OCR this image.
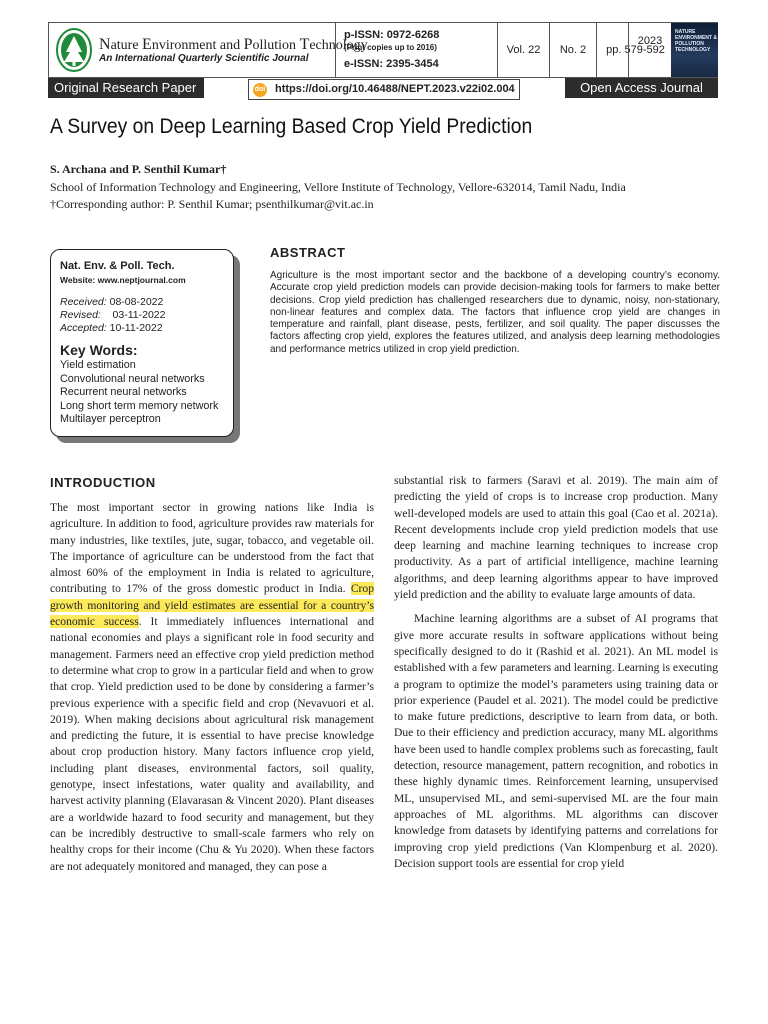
Nature Environment and Pollution Technology
An International Quarterly Scientific Journal
p-ISSN: 0972-6268
(Print copies up to 2016)
e-ISSN: 2395-3454
Vol. 22	No. 2	pp. 579-592
2023
NATURE ENVIRONMENT & POLLUTION TECHNOLOGY
Original Research Paper	doi https://doi.org/10.46488/NEPT.2023.v22i02.004	Open Access Journal
A Survey on Deep Learning Based Crop Yield Prediction
S. Archana and P. Senthil Kumar†
School of Information Technology and Engineering, Vellore Institute of Technology, Vellore-632014, Tamil Nadu, India
†Corresponding author: P. Senthil Kumar; psenthilkumar@vit.ac.in
Nat. Env. & Poll. Tech.
Website: www.neptjournal.com
Received: 08-08-2022
Revised: 03-11-2022
Accepted: 10-11-2022
Key Words:
Yield estimation
Convolutional neural networks
Recurrent neural networks
Long short term memory network
Multilayer perceptron
ABSTRACT
Agriculture is the most important sector and the backbone of a developing country’s economy. Accurate crop yield prediction models can provide decision-making tools for farmers to make better decisions. Crop yield prediction has challenged researchers due to dynamic, noisy, non-stationary, non-linear features and complex data. The factors that influence crop yield are changes in temperature and rainfall, plant disease, pests, fertilizer, and soil quality. The paper discusses the factors affecting crop yield, explores the features utilized, and analysis deep learning methodologies and performance metrics utilized in crop yield prediction.
INTRODUCTION

The most important sector in growing nations like India is agriculture. In addition to food, agriculture provides raw materials for many industries, like textiles, jute, sugar, tobacco, and vegetable oil. The importance of agriculture can be understood from the fact that almost 60% of the employment in India is related to agriculture, contributing to 17% of the gross domestic product in India. Crop growth monitoring and yield estimates are essential for a country’s economic success. It immediately influences international and national economies and plays a significant role in food security and management. Farmers need an effective crop yield prediction method to determine what crop to grow in a particular field and when to grow that crop. Yield prediction used to be done by considering a farmer’s previous experience with a specific field and crop (Nevavuori et al. 2019). When making decisions about agricultural risk management and predicting the future, it is essential to have precise knowledge about crop production history. Many factors influence crop yield, including plant diseases, environmental factors, soil quality, genotype, insect infestations, water quality and availability, and harvest activity planning (Elavarasan & Vincent 2020). Plant diseases are a worldwide hazard to food security and management, but they can be incredibly destructive to small-scale farmers who rely on healthy crops for their income (Chu & Yu 2020). When these factors are not adequately monitored and managed, they can pose a

substantial risk to farmers (Saravi et al. 2019). The main aim of predicting the yield of crops is to increase crop production. Many well-developed models are used to attain this goal (Cao et al. 2021a). Recent developments include crop yield prediction models that use deep learning and machine learning techniques to increase crop productivity. As a part of artificial intelligence, machine learning algorithms, and deep learning algorithms appear to have improved yield prediction and the ability to evaluate large amounts of data.

Machine learning algorithms are a subset of AI programs that give more accurate results in software applications without being specifically designed to do it (Rashid et al. 2021). An ML model is established with a few parameters and learning. Learning is executing a program to optimize the model’s parameters using training data or prior experience (Paudel et al. 2021). The model could be predictive to make future predictions, descriptive to learn from data, or both. Due to their efficiency and prediction accuracy, many ML algorithms have been used to handle complex problems such as forecasting, fault detection, resource management, pattern recognition, and robotics in these highly dynamic times. Reinforcement learning, unsupervised ML, unsupervised ML, and semi-supervised ML are the four main approaches of ML algorithms. ML algorithms can discover knowledge from datasets by identifying patterns and correlations for improving crop yield predictions (Van Klompenburg et al. 2020). Decision support tools are essential for crop yield
